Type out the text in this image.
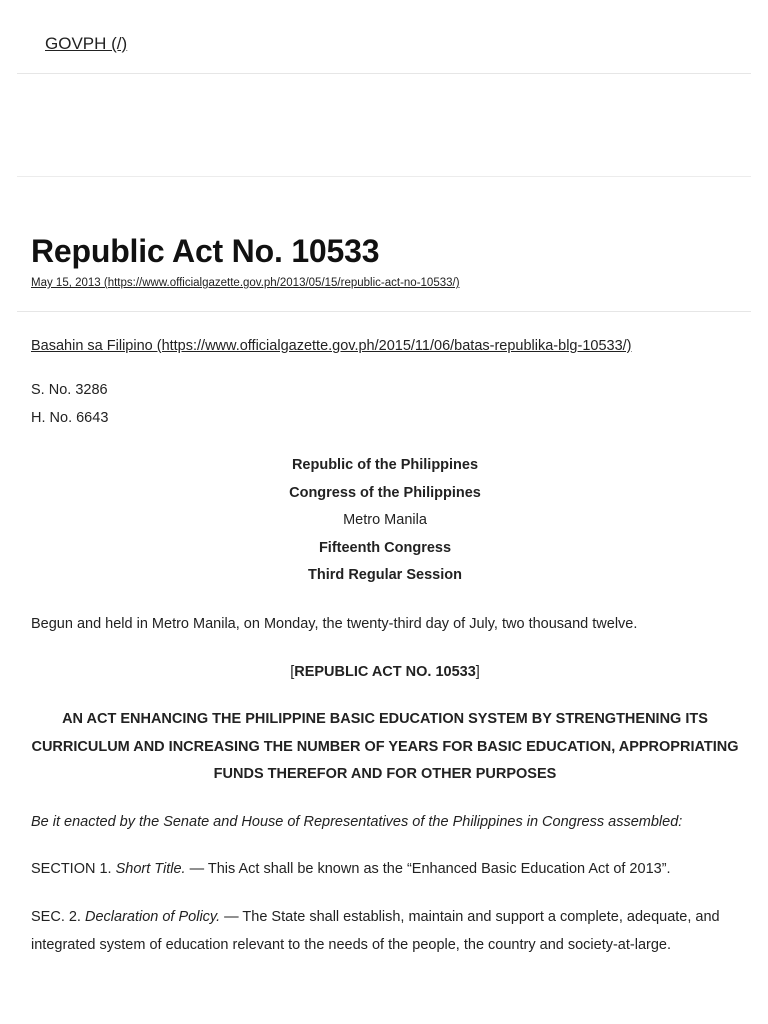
GOVPH (/)
Republic Act No. 10533
May 15, 2013 (https://www.officialgazette.gov.ph/2013/05/15/republic-act-no-10533/)

Basahin sa Filipino (https://www.officialgazette.gov.ph/2015/11/06/batas-republika-blg-10533/)

S. No. 3286
H. No. 6643

Republic of the Philippines
Congress of the Philippines
Metro Manila
Fifteenth Congress
Third Regular Session

Begun and held in Metro Manila, on Monday, the twenty-third day of July, two thousand twelve.

[REPUBLIC ACT NO. 10533]

AN ACT ENHANCING THE PHILIPPINE BASIC EDUCATION SYSTEM BY STRENGTHENING ITS CURRICULUM AND INCREASING THE NUMBER OF YEARS FOR BASIC EDUCATION, APPROPRIATING FUNDS THEREFOR AND FOR OTHER PURPOSES

Be it enacted by the Senate and House of Representatives of the Philippines in Congress assembled:

SECTION 1. Short Title. — This Act shall be known as the “Enhanced Basic Education Act of 2013”.

SEC. 2. Declaration of Policy. — The State shall establish, maintain and support a complete, adequate, and integrated system of education relevant to the needs of the people, the country and society-at-large.
